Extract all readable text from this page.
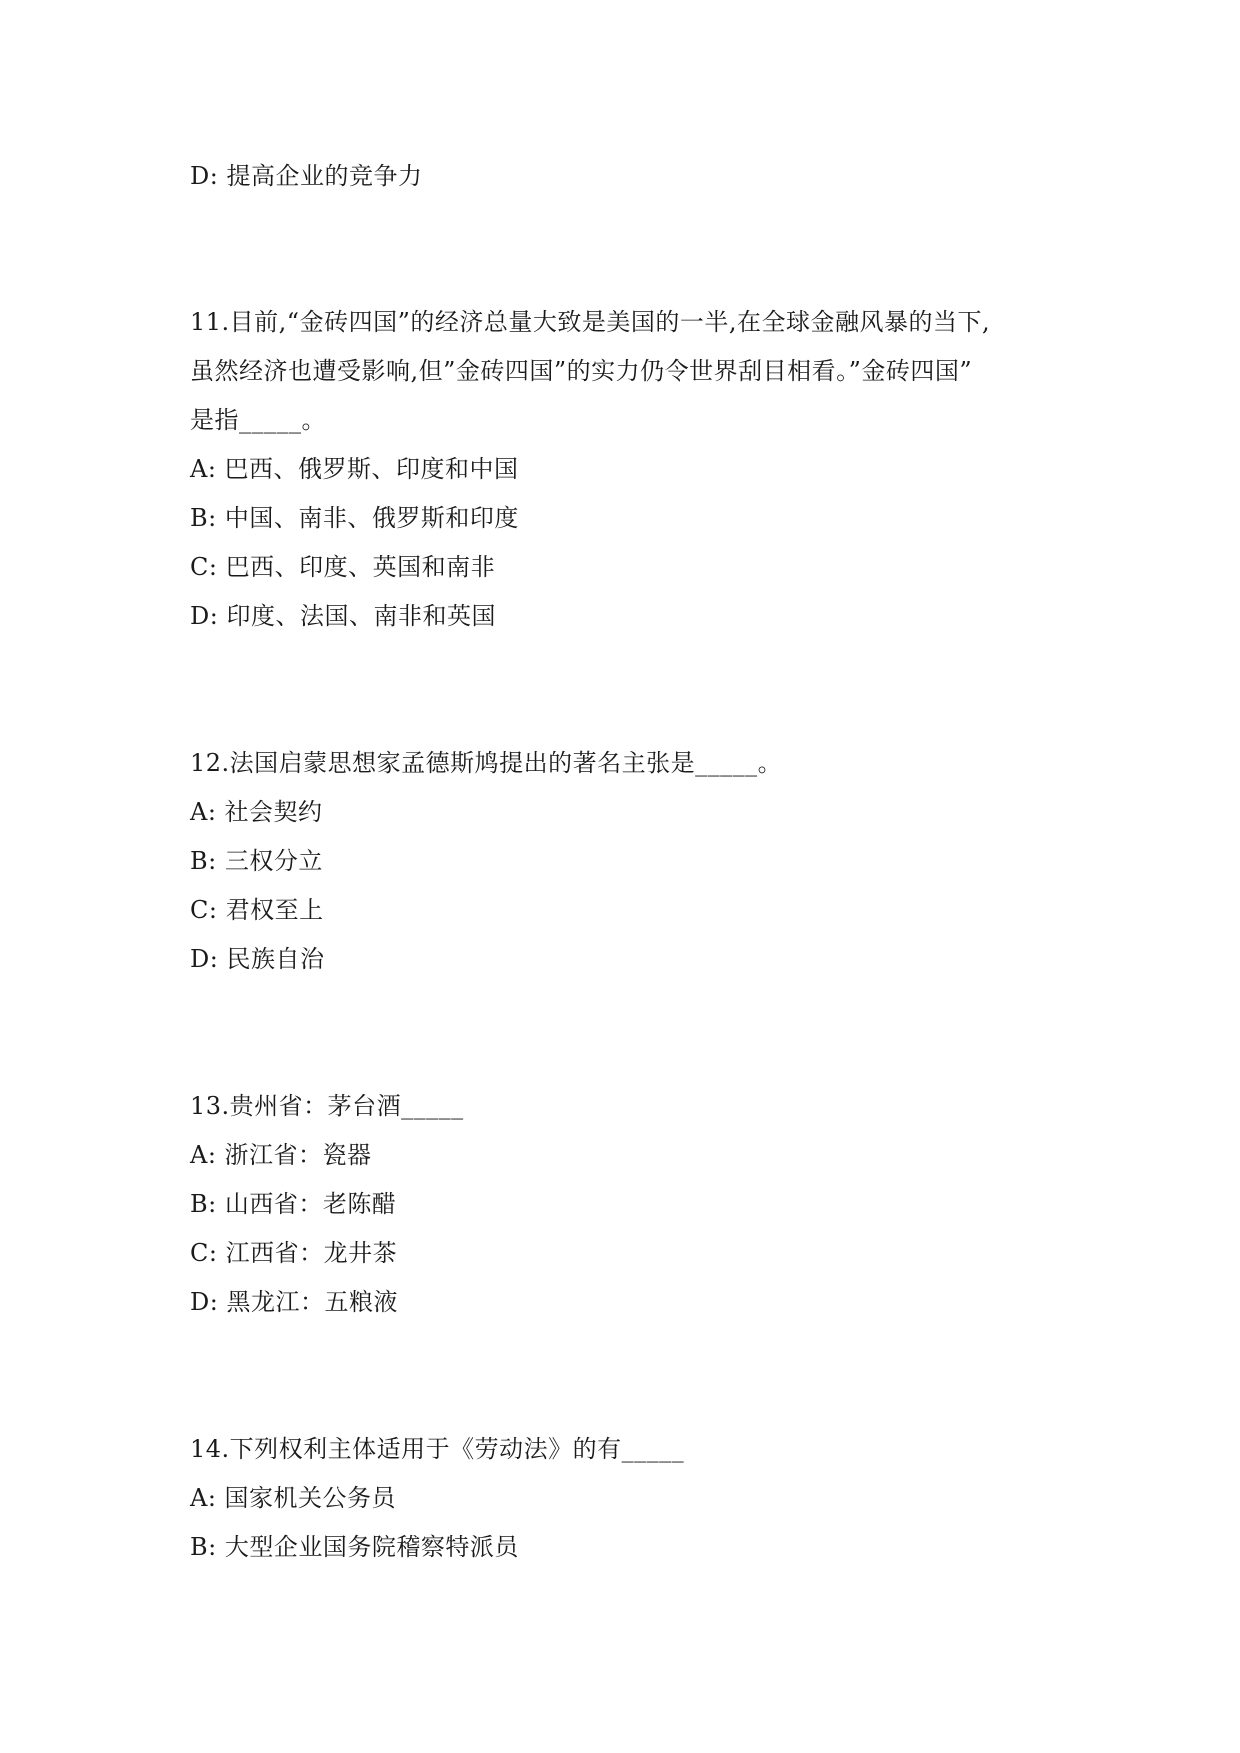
D: 提高企业的竞争力
11.目前,“金砖四国”的经济总量大致是美国的一半,在全球金融风暴的当下,
虽然经济也遭受影响,但”金砖四国”的实力仍令世界刮目相看。”金砖四国”
是指_____。
A: 巴西、俄罗斯、印度和中国
B: 中国、南非、俄罗斯和印度
C: 巴西、印度、英国和南非
D: 印度、法国、南非和英国
12.法国启蒙思想家孟德斯鸠提出的著名主张是_____。
A: 社会契约
B: 三权分立
C: 君权至上
D: 民族自治
13.贵州省：茅台酒_____
A: 浙江省：瓷器
B: 山西省：老陈醋
C: 江西省：龙井茶
D: 黑龙江：五粮液
14.下列权利主体适用于《劳动法》的有_____
A: 国家机关公务员
B: 大型企业国务院稽察特派员
